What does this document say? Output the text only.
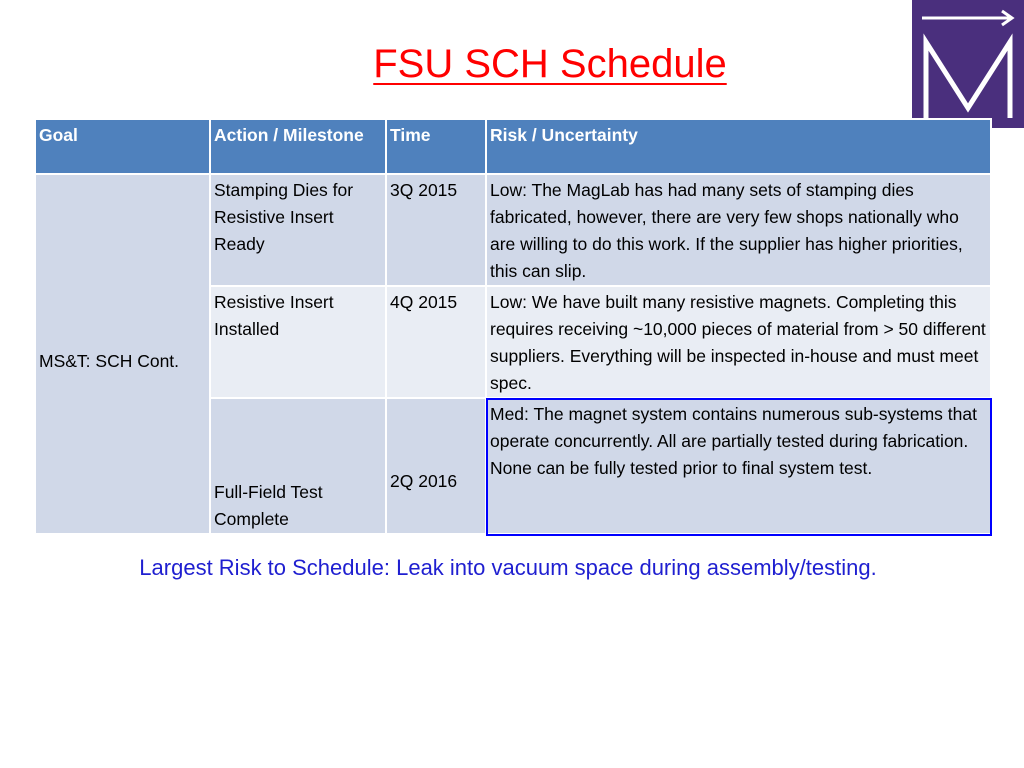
FSU SCH Schedule
Goal	Action / Milestone	Time	Risk / Uncertainty
MS&T: SCH Cont.	Stamping Dies for Resistive Insert Ready	3Q 2015	Low: The MagLab has had many sets of stamping dies fabricated, however, there are very few shops nationally who are willing to do this work. If the supplier has higher priorities, this can slip.
	Resistive Insert Installed	4Q 2015	Low: We have built many resistive magnets. Completing this requires receiving ~10,000 pieces of material from > 50 different suppliers. Everything will be inspected in-house and must meet spec.
	Full-Field Test Complete	2Q 2016	Med: The magnet system contains numerous sub-systems that operate concurrently. All are partially tested during fabrication. None can be fully tested prior to final system test.
Largest Risk to Schedule: Leak into vacuum space during assembly/testing.
